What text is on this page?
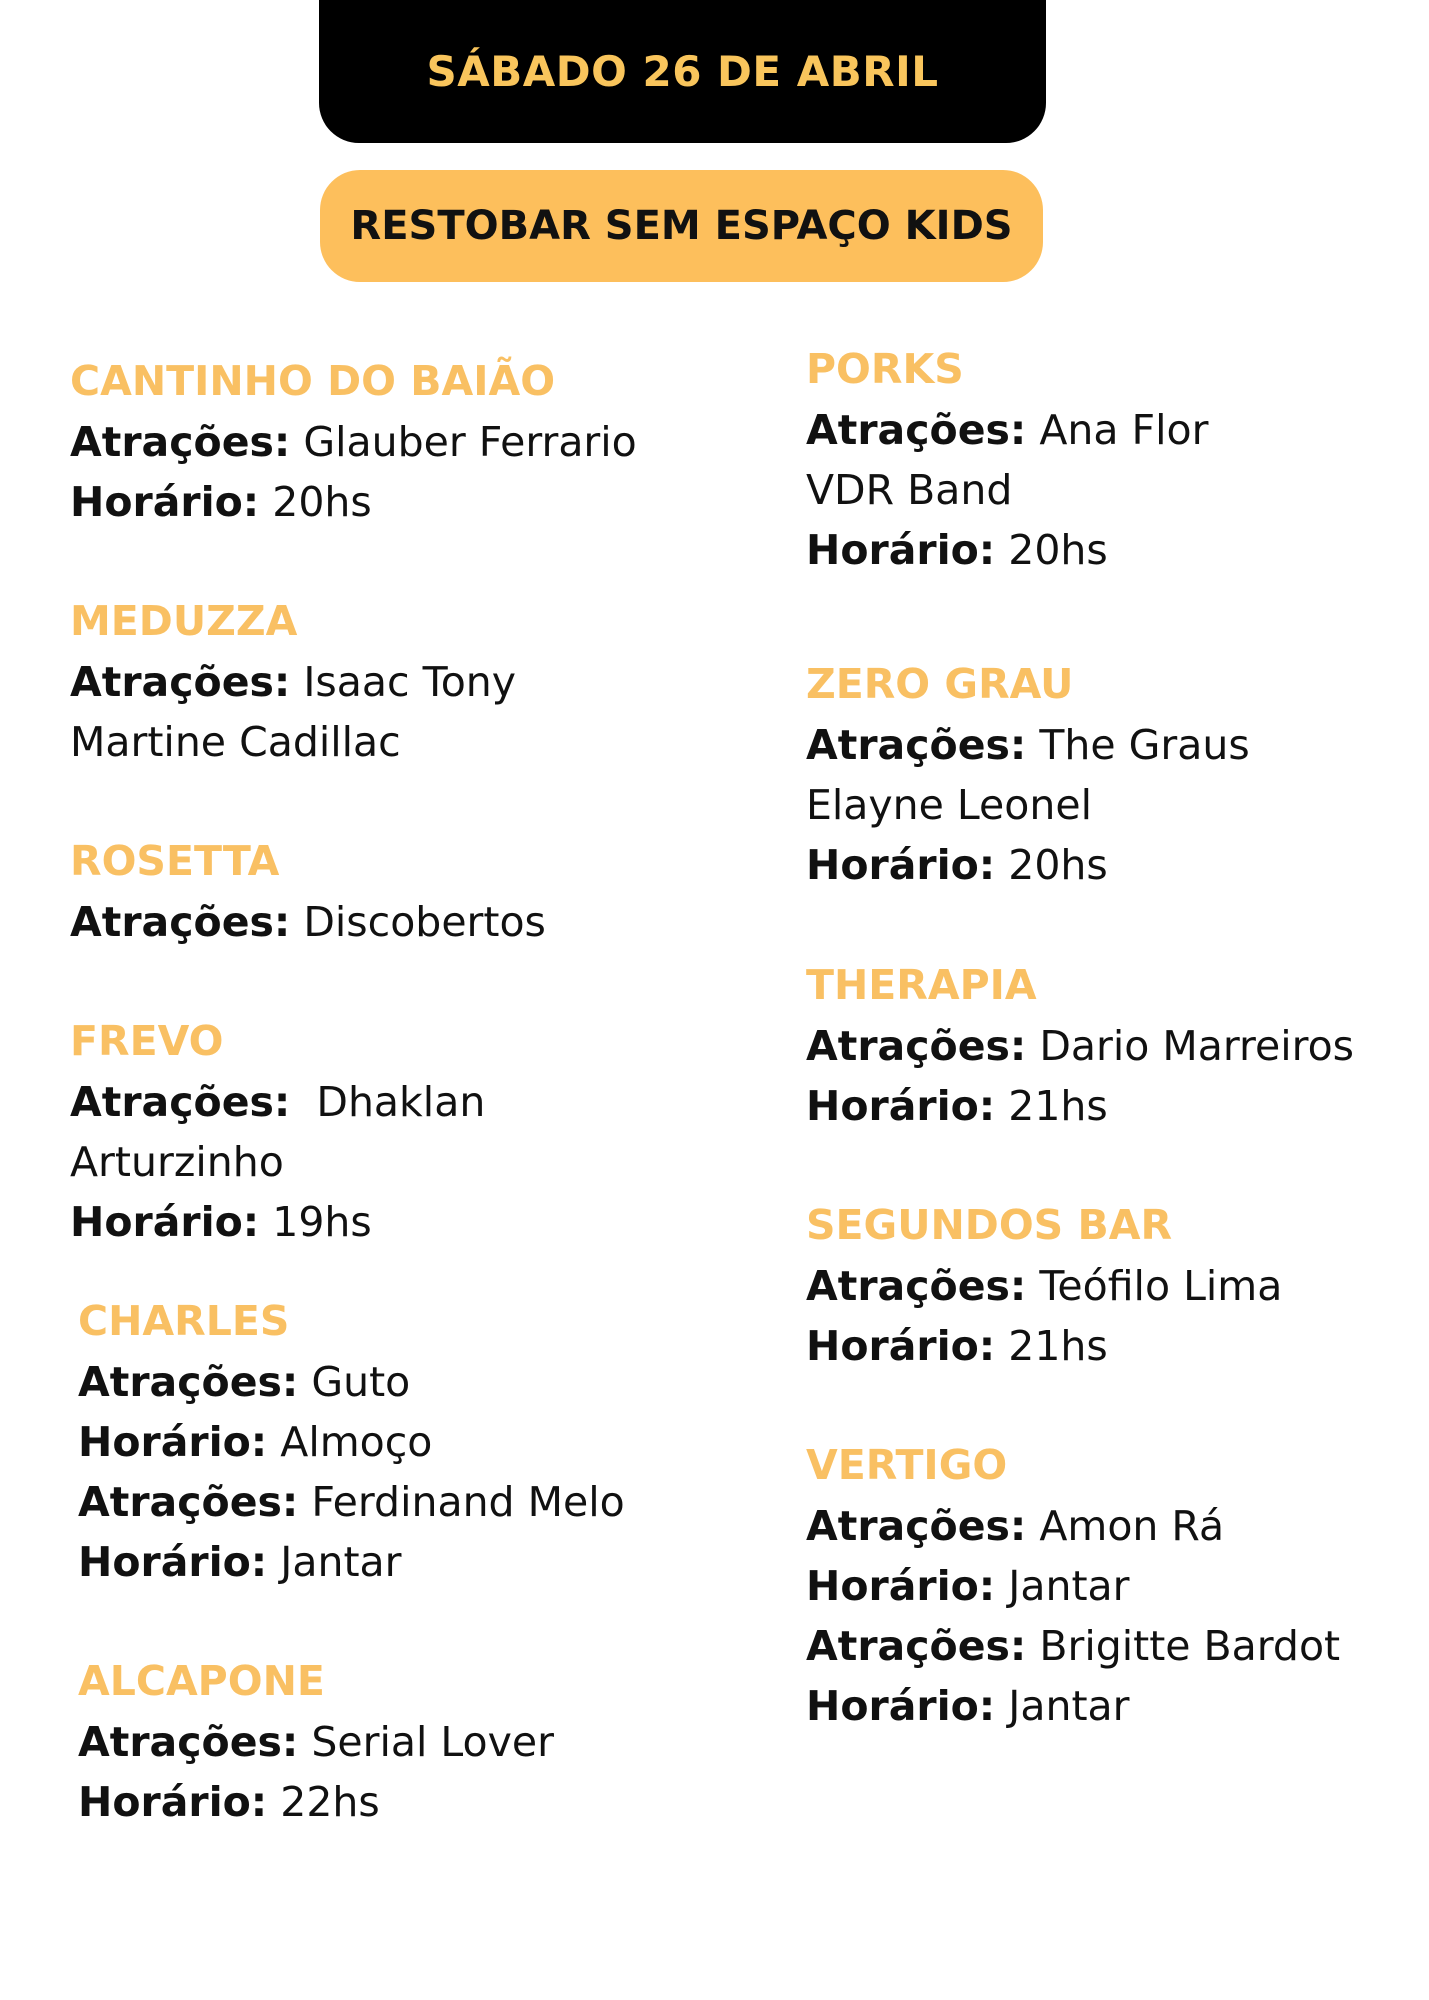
SÁBADO 26 DE ABRIL
RESTOBAR SEM ESPAÇO KIDS
CANTINHO DO BAIÃO
Atrações: Glauber Ferrario
Horário: 20hs
MEDUZZA
Atrações: Isaac Tony
Martine Cadillac
ROSETTA
Atrações: Discobertos
FREVO
Atrações:  Dhaklan
Arturzinho
Horário: 19hs
CHARLES
Atrações: Guto
Horário: Almoço
Atrações: Ferdinand Melo
Horário: Jantar
ALCAPONE
Atrações: Serial Lover
Horário: 22hs
PORKS
Atrações: Ana Flor
VDR Band
Horário: 20hs
ZERO GRAU
Atrações: The Graus
Elayne Leonel
Horário: 20hs
THERAPIA
Atrações: Dario Marreiros
Horário: 21hs
SEGUNDOS BAR
Atrações: Teófilo Lima
Horário: 21hs
VERTIGO
Atrações: Amon Rá
Horário: Jantar
Atrações: Brigitte Bardot
Horário: Jantar
